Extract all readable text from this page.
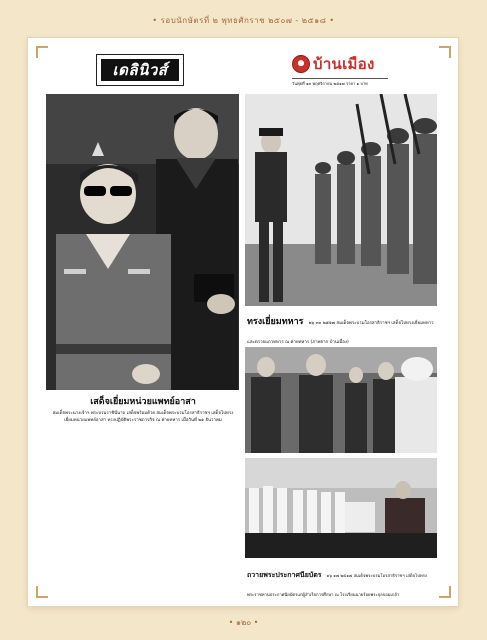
• รอบนักษัตรที่ ๒ พุทธศักราช ๒๕๐๗ - ๒๕๑๘ •
เดลินิวส์	บ้านเมือง
วันพุธที่ ๑๓ พฤศจิกายน ๒๕๑๗ ราคา ๑ บาท
เสด็จเยี่ยมหน่วยแพทย์อาสา
สมเด็จพระนางเจ้าฯ พระบรมราชินีนาถ เสด็จพร้อมด้วย สมเด็จพระบรมโอรสาธิราชฯ เสด็จไปทรงเยี่ยมหน่วยแพทย์อาสา ทรงปฏิบัติพระราชภารกิจ ณ ค่ายทหาร เมื่อวันที่ ๒๑ ธันวาคม
ทรงเยี่ยมทหาร ๒๖ ๓๐ ๒๕๑๗ สมเด็จพระบรมโอรสาธิราชฯ เสด็จไปทรงเยี่ยมทหารและตรวจแถวทหาร ณ ค่ายทหาร (ภาพจาก บ้านเมือง)
ถวายพระประกาศนียบัตร ๑๖ ๑๗ ๒๕๑๗ สมเด็จพระบรมโอรสาธิราชฯ เสด็จไปทรงพระราชทานประกาศนียบัตรแก่ผู้สำเร็จการศึกษา ณ โรงเรียนนายร้อยพระจุลจอมเกล้า
• ๑๒๐ •
